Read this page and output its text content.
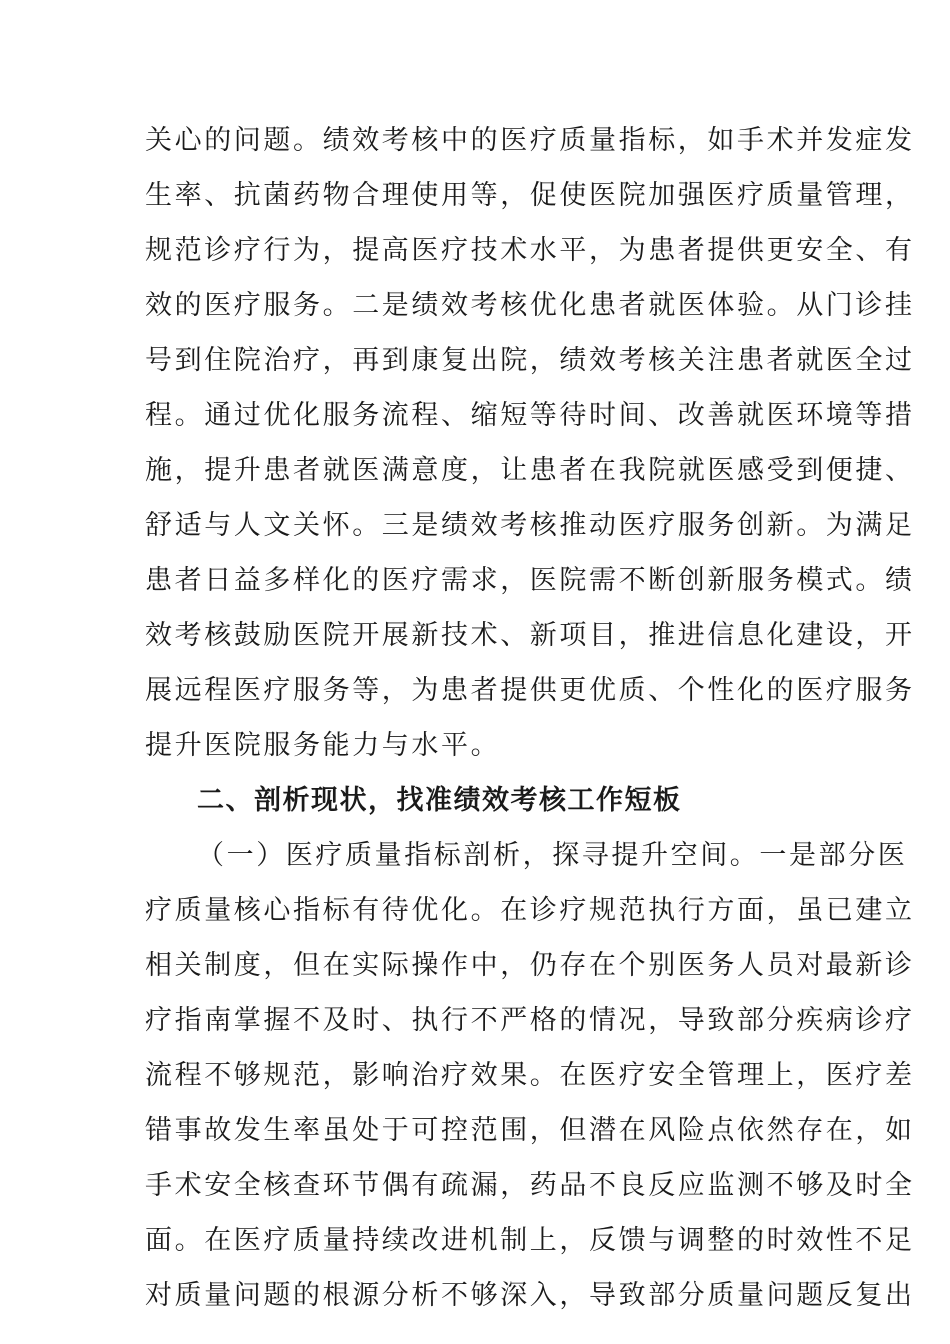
关心的问题。绩效考核中的医疗质量指标，如手术并发症发
生率、抗菌药物合理使用等，促使医院加强医疗质量管理，
规范诊疗行为，提高医疗技术水平，为患者提供更安全、有
效的医疗服务。二是绩效考核优化患者就医体验。从门诊挂
号到住院治疗，再到康复出院，绩效考核关注患者就医全过
程。通过优化服务流程、缩短等待时间、改善就医环境等措
施，提升患者就医满意度，让患者在我院就医感受到便捷、
舒适与人文关怀。三是绩效考核推动医疗服务创新。为满足
患者日益多样化的医疗需求，医院需不断创新服务模式。绩
效考核鼓励医院开展新技术、新项目，推进信息化建设，开
展远程医疗服务等，为患者提供更优质、个性化的医疗服务
提升医院服务能力与水平。
二、剖析现状，找准绩效考核工作短板
（一）医疗质量指标剖析，探寻提升空间。一是部分医
疗质量核心指标有待优化。在诊疗规范执行方面，虽已建立
相关制度，但在实际操作中，仍存在个别医务人员对最新诊
疗指南掌握不及时、执行不严格的情况，导致部分疾病诊疗
流程不够规范，影响治疗效果。在医疗安全管理上，医疗差
错事故发生率虽处于可控范围，但潜在风险点依然存在，如
手术安全核查环节偶有疏漏，药品不良反应监测不够及时全
面。在医疗质量持续改进机制上，反馈与调整的时效性不足
对质量问题的根源分析不够深入，导致部分质量问题反复出
